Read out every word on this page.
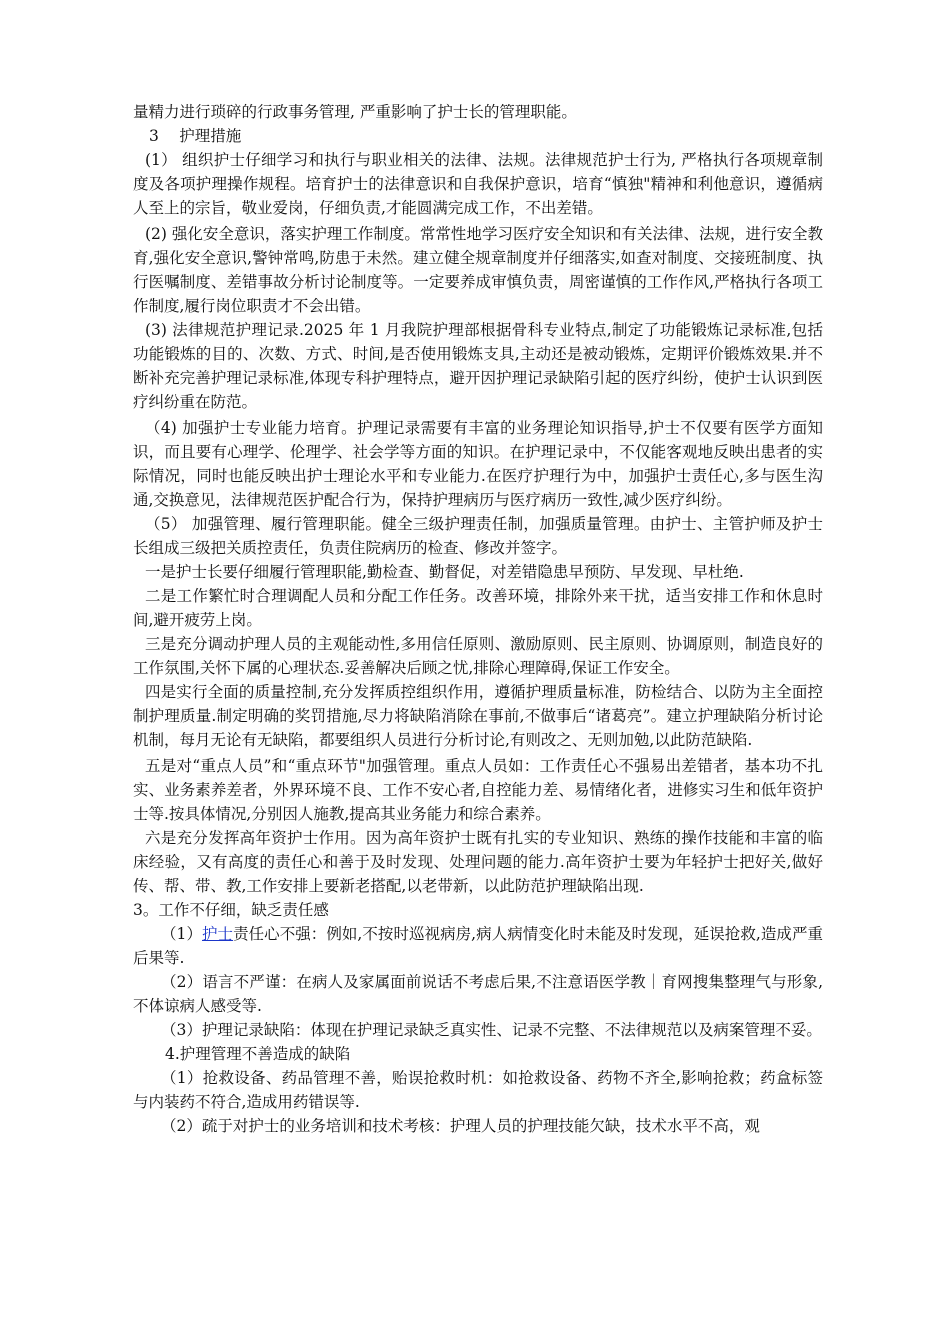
量精力进行琐碎的行政事务管理, 严重影响了护士长的管理职能。

3　 护理措施

(1） 组织护士仔细学习和执行与职业相关的法律、法规。法律规范护士行为, 严格执行各项规章制度及各项护理操作规程。培育护士的法律意识和自我保护意识，培育“慎独"精神和利他意识，遵循病人至上的宗旨，敬业爱岗，仔细负责,才能圆满完成工作，不出差错。

(2) 强化安全意识，落实护理工作制度。常常性地学习医疗安全知识和有关法律、法规，进行安全教育,强化安全意识,警钟常鸣,防患于未然。建立健全规章制度并仔细落实,如查对制度、交接班制度、执行医嘱制度、差错事故分析讨论制度等。一定要养成审慎负责，周密谨慎的工作作风,严格执行各项工作制度,履行岗位职责才不会出错。

(3) 法律规范护理记录.2025 年 1 月我院护理部根据骨科专业特点,制定了功能锻炼记录标准,包括功能锻炼的目的、次数、方式、时间,是否使用锻炼支具,主动还是被动锻炼，定期评价锻炼效果.并不断补充完善护理记录标准,体现专科护理特点，避开因护理记录缺陷引起的医疗纠纷，使护士认识到医疗纠纷重在防范。

（4) 加强护士专业能力培育。护理记录需要有丰富的业务理论知识指导,护士不仅要有医学方面知识，而且要有心理学、伦理学、社会学等方面的知识。在护理记录中，不仅能客观地反映出患者的实际情况，同时也能反映出护士理论水平和专业能力.在医疗护理行为中，加强护士责任心,多与医生沟通,交换意见，法律规范医护配合行为，保持护理病历与医疗病历一致性,减少医疗纠纷。

（5） 加强管理、履行管理职能。健全三级护理责任制，加强质量管理。由护士、主管护师及护士长组成三级把关质控责任，负责住院病历的检查、修改并签字。

一是护士长要仔细履行管理职能,勤检查、勤督促，对差错隐患早预防、早发现、早杜绝.

二是工作繁忙时合理调配人员和分配工作任务。改善环境，排除外来干扰，适当安排工作和休息时间,避开疲劳上岗。

三是充分调动护理人员的主观能动性,多用信任原则、激励原则、民主原则、协调原则，制造良好的工作氛围,关怀下属的心理状态.妥善解决后顾之忧,排除心理障碍,保证工作安全。

四是实行全面的质量控制,充分发挥质控组织作用，遵循护理质量标准，防检结合、以防为主全面控制护理质量.制定明确的奖罚措施,尽力将缺陷消除在事前,不做事后“诸葛亮”。建立护理缺陷分析讨论机制，每月无论有无缺陷，都要组织人员进行分析讨论,有则改之、无则加勉,以此防范缺陷.

五是对“重点人员”和“重点环节"加强管理。重点人员如：工作责任心不强易出差错者，基本功不扎实、业务素养差者，外界环境不良、工作不安心者,自控能力差、易情绪化者，进修实习生和低年资护士等.按具体情况,分别因人施教,提高其业务能力和综合素养。

六是充分发挥高年资护士作用。因为高年资护士既有扎实的专业知识、熟练的操作技能和丰富的临床经验，又有高度的责任心和善于及时发现、处理问题的能力.高年资护士要为年轻护士把好关,做好传、帮、带、教,工作安排上要新老搭配,以老带新，以此防范护理缺陷出现.

3。工作不仔细，缺乏责任感

（1）护士责任心不强：例如,不按时巡视病房,病人病情变化时未能及时发现，延误抢救,造成严重后果等.

（2）语言不严谨：在病人及家属面前说话不考虑后果,不注意语医学教｜育网搜集整理气与形象,不体谅病人感受等.

（3）护理记录缺陷：体现在护理记录缺乏真实性、记录不完整、不法律规范以及病案管理不妥。

4.护理管理不善造成的缺陷

（1）抢救设备、药品管理不善，贻误抢救时机：如抢救设备、药物不齐全,影响抢救；药盒标签与内装药不符合,造成用药错误等.

（2）疏于对护士的业务培训和技术考核：护理人员的护理技能欠缺，技术水平不高，观
